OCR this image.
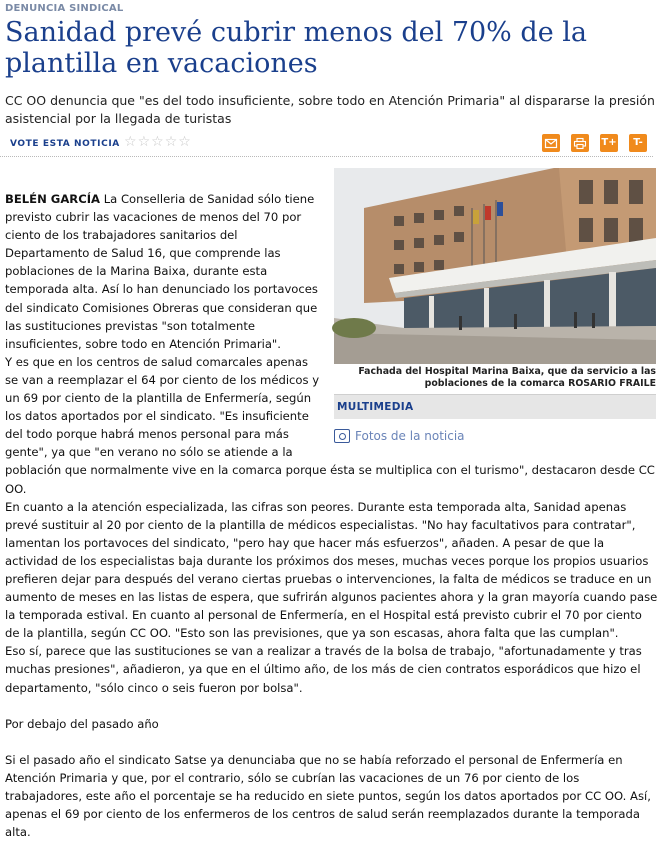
DENUNCIA SINDICAL
Sanidad prevé cubrir menos del 70% de la plantilla en vacaciones
CC OO denuncia que "es del todo insuficiente, sobre todo en Atención Primaria" al dispararse la presión asistencial por la llegada de turistas
VOTE ESTA NOTICIA ☆ ☆ ☆ ☆ ☆	T+	T-
Fachada del Hospital Marina Baixa, que da servicio a las poblaciones de la comarca ROSARIO FRAILE
MULTIMEDIA
Fotos de la noticia

BELÉN GARCÍA La Conselleria de Sanidad sólo tiene previsto cubrir las vacaciones de menos del 70 por ciento de los trabajadores sanitarios del Departamento de Salud 16, que comprende las poblaciones de la Marina Baixa, durante esta temporada alta. Así lo han denunciado los portavoces del sindicato Comisiones Obreras que consideran que las sustituciones previstas "son totalmente insuficientes, sobre todo en Atención Primaria".

Y es que en los centros de salud comarcales apenas se van a reemplazar el 64 por ciento de los médicos y un 69 por ciento de la plantilla de Enfermería, según los datos aportados por el sindicato. "Es insuficiente del todo porque habrá menos personal para más gente", ya que "en verano no sólo se atiende a la población que normalmente vive en la comarca porque ésta se multiplica con el turismo", destacaron desde CC OO.

En cuanto a la atención especializada, las cifras son peores. Durante esta temporada alta, Sanidad apenas prevé sustituir al 20 por ciento de la plantilla de médicos especialistas. "No hay facultativos para contratar", lamentan los portavoces del sindicato, "pero hay que hacer más esfuerzos", añaden. A pesar de que la actividad de los especialistas baja durante los próximos dos meses, muchas veces porque los propios usuarios prefieren dejar para después del verano ciertas pruebas o intervenciones, la falta de médicos se traduce en un aumento de meses en las listas de espera, que sufrirán algunos pacientes ahora y la gran mayoría cuando pase la temporada estival. En cuanto al personal de Enfermería, en el Hospital está previsto cubrir el 70 por ciento de la plantilla, según CC OO. "Esto son las previsiones, que ya son escasas, ahora falta que las cumplan".

Eso sí, parece que las sustituciones se van a realizar a través de la bolsa de trabajo, "afortunadamente y tras muchas presiones", añadieron, ya que en el último año, de los más de cien contratos esporádicos que hizo el departamento, "sólo cinco o seis fueron por bolsa".

Por debajo del pasado año

Si el pasado año el sindicato Satse ya denunciaba que no se había reforzado el personal de Enfermería en Atención Primaria y que, por el contrario, sólo se cubrían las vacaciones de un 76 por ciento de los trabajadores, este año el porcentaje se ha reducido en siete puntos, según los datos aportados por CC OO. Así, apenas el 69 por ciento de los enfermeros de los centros de salud serán reemplazados durante la temporada alta.
